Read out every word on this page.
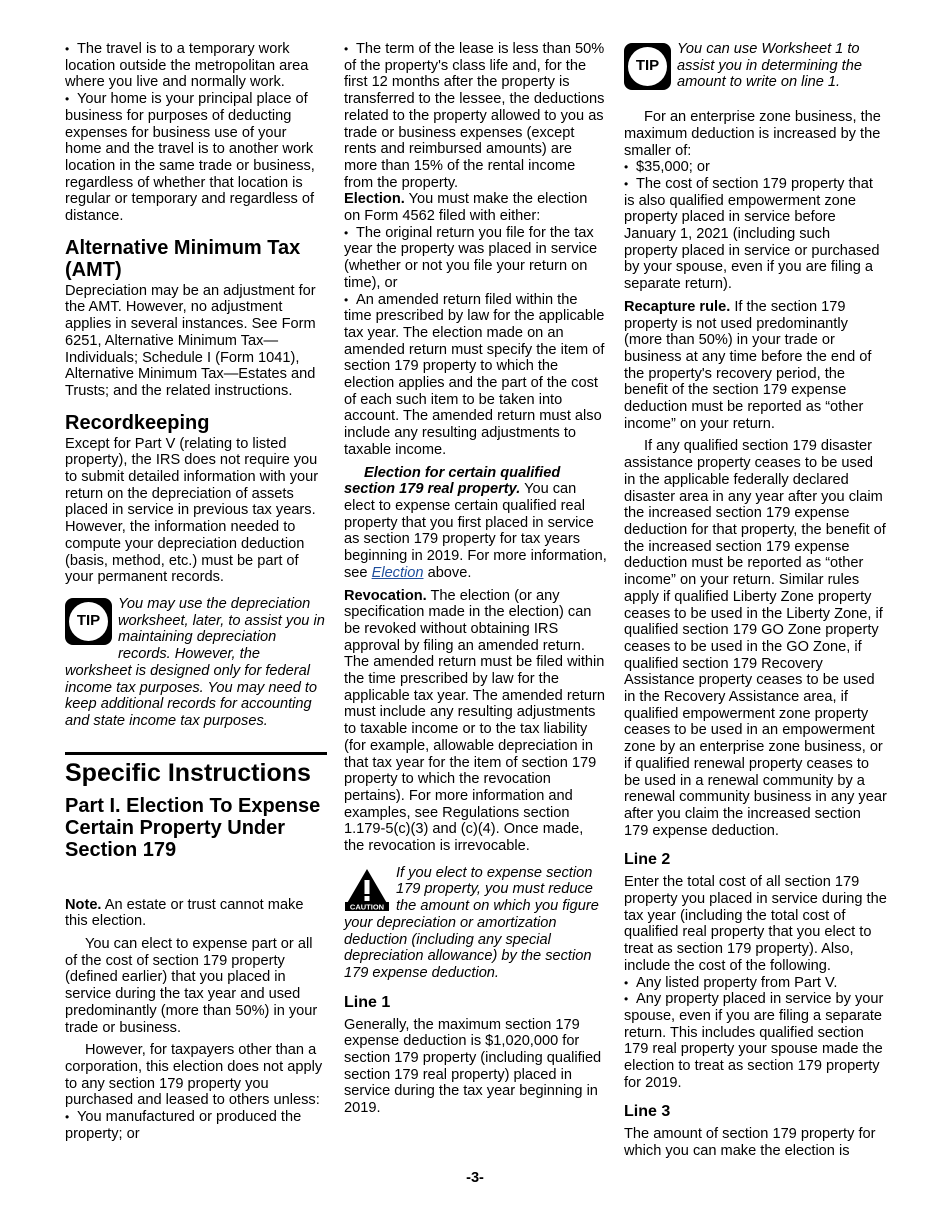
• The travel is to a temporary work location outside the metropolitan area where you live and normally work.

• Your home is your principal place of business for purposes of deducting expenses for business use of your home and the travel is to another work location in the same trade or business, regardless of whether that location is regular or temporary and regardless of distance.

Alternative Minimum Tax (AMT)

Depreciation may be an adjustment for the AMT. However, no adjustment applies in several instances. See Form 6251, Alternative Minimum Tax—Individuals; Schedule I (Form 1041), Alternative Minimum Tax—Estates and Trusts; and the related instructions.

Recordkeeping

Except for Part V (relating to listed property), the IRS does not require you to submit detailed information with your return on the depreciation of assets placed in service in previous tax years. However, the information needed to compute your depreciation deduction (basis, method, etc.) must be part of your permanent records.

TIP
You may use the depreciation worksheet, later, to assist you in maintaining depreciation records. However, the worksheet is designed only for federal income tax purposes. You may need to keep additional records for accounting and state income tax purposes.
Specific Instructions
Part I. Election To Expense Certain Property Under Section 179

Note. An estate or trust cannot make this election.

You can elect to expense part or all of the cost of section 179 property (defined earlier) that you placed in service during the tax year and used predominantly (more than 50%) in your trade or business.

However, for taxpayers other than a corporation, this election does not apply to any section 179 property you purchased and leased to others unless:

• You manufactured or produced the property; or

• The term of the lease is less than 50% of the property's class life and, for the first 12 months after the property is transferred to the lessee, the deductions related to the property allowed to you as trade or business expenses (except rents and reimbursed amounts) are more than 15% of the rental income from the property.

Election. You must make the election on Form 4562 filed with either:

• The original return you file for the tax year the property was placed in service (whether or not you file your return on time), or

• An amended return filed within the time prescribed by law for the applicable tax year. The election made on an amended return must specify the item of section 179 property to which the election applies and the part of the cost of each such item to be taken into account. The amended return must also include any resulting adjustments to taxable income.

Election for certain qualified section 179 real property. You can elect to expense certain qualified real property that you first placed in service as section 179 property for tax years beginning in 2019. For more information, see Election above.

Revocation. The election (or any specification made in the election) can be revoked without obtaining IRS approval by filing an amended return. The amended return must be filed within the time prescribed by law for the applicable tax year. The amended return must include any resulting adjustments to taxable income or to the tax liability (for example, allowable depreciation in that tax year for the item of section 179 property to which the revocation pertains). For more information and examples, see Regulations section 1.179-5(c)(3) and (c)(4). Once made, the revocation is irrevocable.

CAUTION
If you elect to expense section 179 property, you must reduce the amount on which you figure your depreciation or amortization deduction (including any special depreciation allowance) by the section 179 expense deduction.
Line 1

Generally, the maximum section 179 expense deduction is $1,020,000 for section 179 property (including qualified section 179 real property) placed in service during the tax year beginning in 2019.

TIP
You can use Worksheet 1 to assist you in determining the amount to write on line 1.

For an enterprise zone business, the maximum deduction is increased by the smaller of:

• $35,000; or

• The cost of section 179 property that is also qualified empowerment zone property placed in service before January 1, 2021 (including such property placed in service or purchased by your spouse, even if you are filing a separate return).

Recapture rule. If the section 179 property is not used predominantly (more than 50%) in your trade or business at any time before the end of the property's recovery period, the benefit of the section 179 expense deduction must be reported as “other income” on your return.

If any qualified section 179 disaster assistance property ceases to be used in the applicable federally declared disaster area in any year after you claim the increased section 179 expense deduction for that property, the benefit of the increased section 179 expense deduction must be reported as “other income” on your return. Similar rules apply if qualified Liberty Zone property ceases to be used in the Liberty Zone, if qualified section 179 GO Zone property ceases to be used in the GO Zone, if qualified section 179 Recovery Assistance property ceases to be used in the Recovery Assistance area, if qualified empowerment zone property ceases to be used in an empowerment zone by an enterprise zone business, or if qualified renewal property ceases to be used in a renewal community by a renewal community business in any year after you claim the increased section 179 expense deduction.

Line 2

Enter the total cost of all section 179 property you placed in service during the tax year (including the total cost of qualified real property that you elect to treat as section 179 property). Also, include the cost of the following.

• Any listed property from Part V.

• Any property placed in service by your spouse, even if you are filing a separate return. This includes qualified section 179 real property your spouse made the election to treat as section 179 property for 2019.

Line 3

The amount of section 179 property for which you can make the election is

-3-
